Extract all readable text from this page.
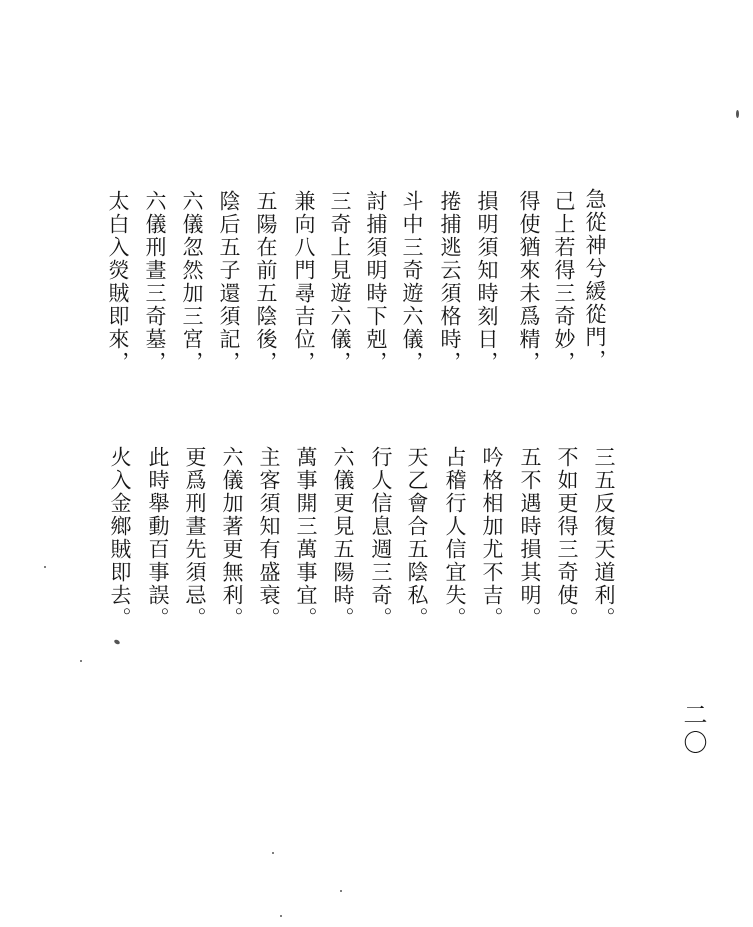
急從神兮緩從門，
己上若得三奇妙，
得使猶來未爲精，
損明須知時刻日，
捲捕逃云須格時，
斗中三奇遊六儀，
討捕須明時下剋，
三奇上見遊六儀，
兼向八門尋吉位，
五陽在前五陰後，
陰后五子還須記，
六儀忽然加三宮，
六儀刑晝三奇墓，
太白入熒賊即來，
三五反復天道利。
不如更得三奇使。
五不遇時損其明。
吟格相加尤不吉。
占稽行人信宜失。
天乙會合五陰私。
行人信息週三奇。
六儀更見五陽時。
萬事開三萬事宜。
主客須知有盛衰。
六儀加著更無利。
更爲刑晝先須忌。
此時舉動百事誤。
火入金鄉賊即去。
二〇
